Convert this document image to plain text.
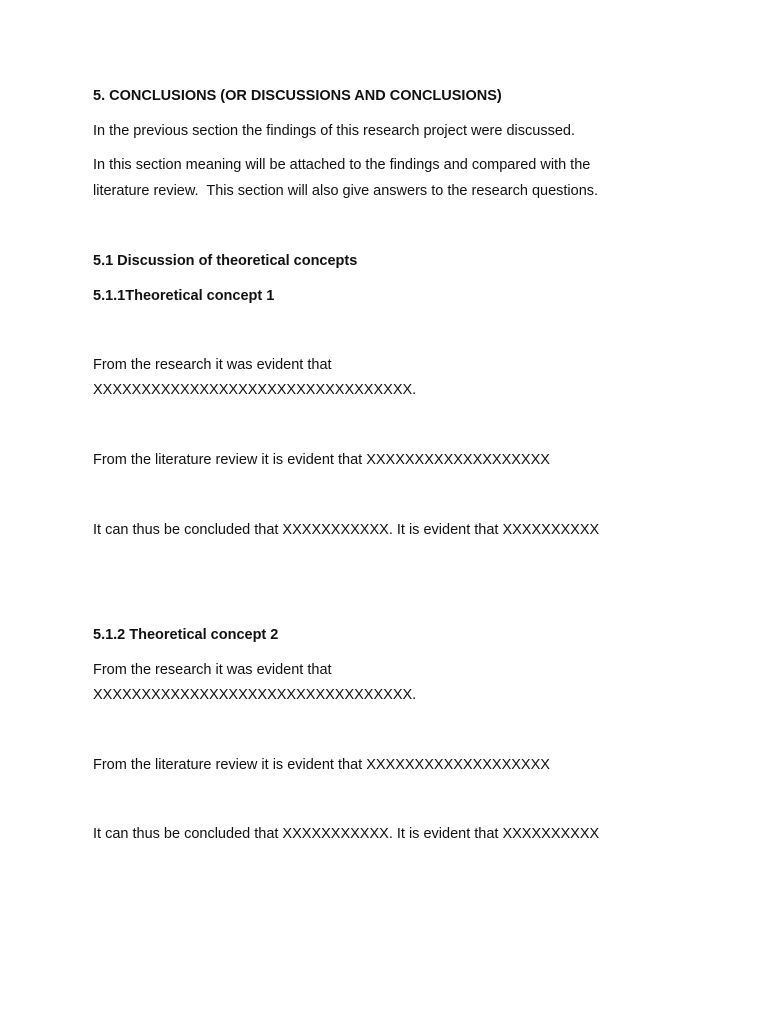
5. CONCLUSIONS (OR DISCUSSIONS AND CONCLUSIONS)
In the previous section the findings of this research project were discussed.
In this section meaning will be attached to the findings and compared with the
literature review.  This section will also give answers to the research questions.
5.1 Discussion of theoretical concepts
5.1.1Theoretical concept 1
From the research it was evident that
XXXXXXXXXXXXXXXXXXXXXXXXXXXXXXXXX.
From the literature review it is evident that XXXXXXXXXXXXXXXXXXX
It can thus be concluded that XXXXXXXXXXX. It is evident that XXXXXXXXXX
5.1.2 Theoretical concept 2
From the research it was evident that
XXXXXXXXXXXXXXXXXXXXXXXXXXXXXXXXX.
From the literature review it is evident that XXXXXXXXXXXXXXXXXXX
It can thus be concluded that XXXXXXXXXXX. It is evident that XXXXXXXXXX
